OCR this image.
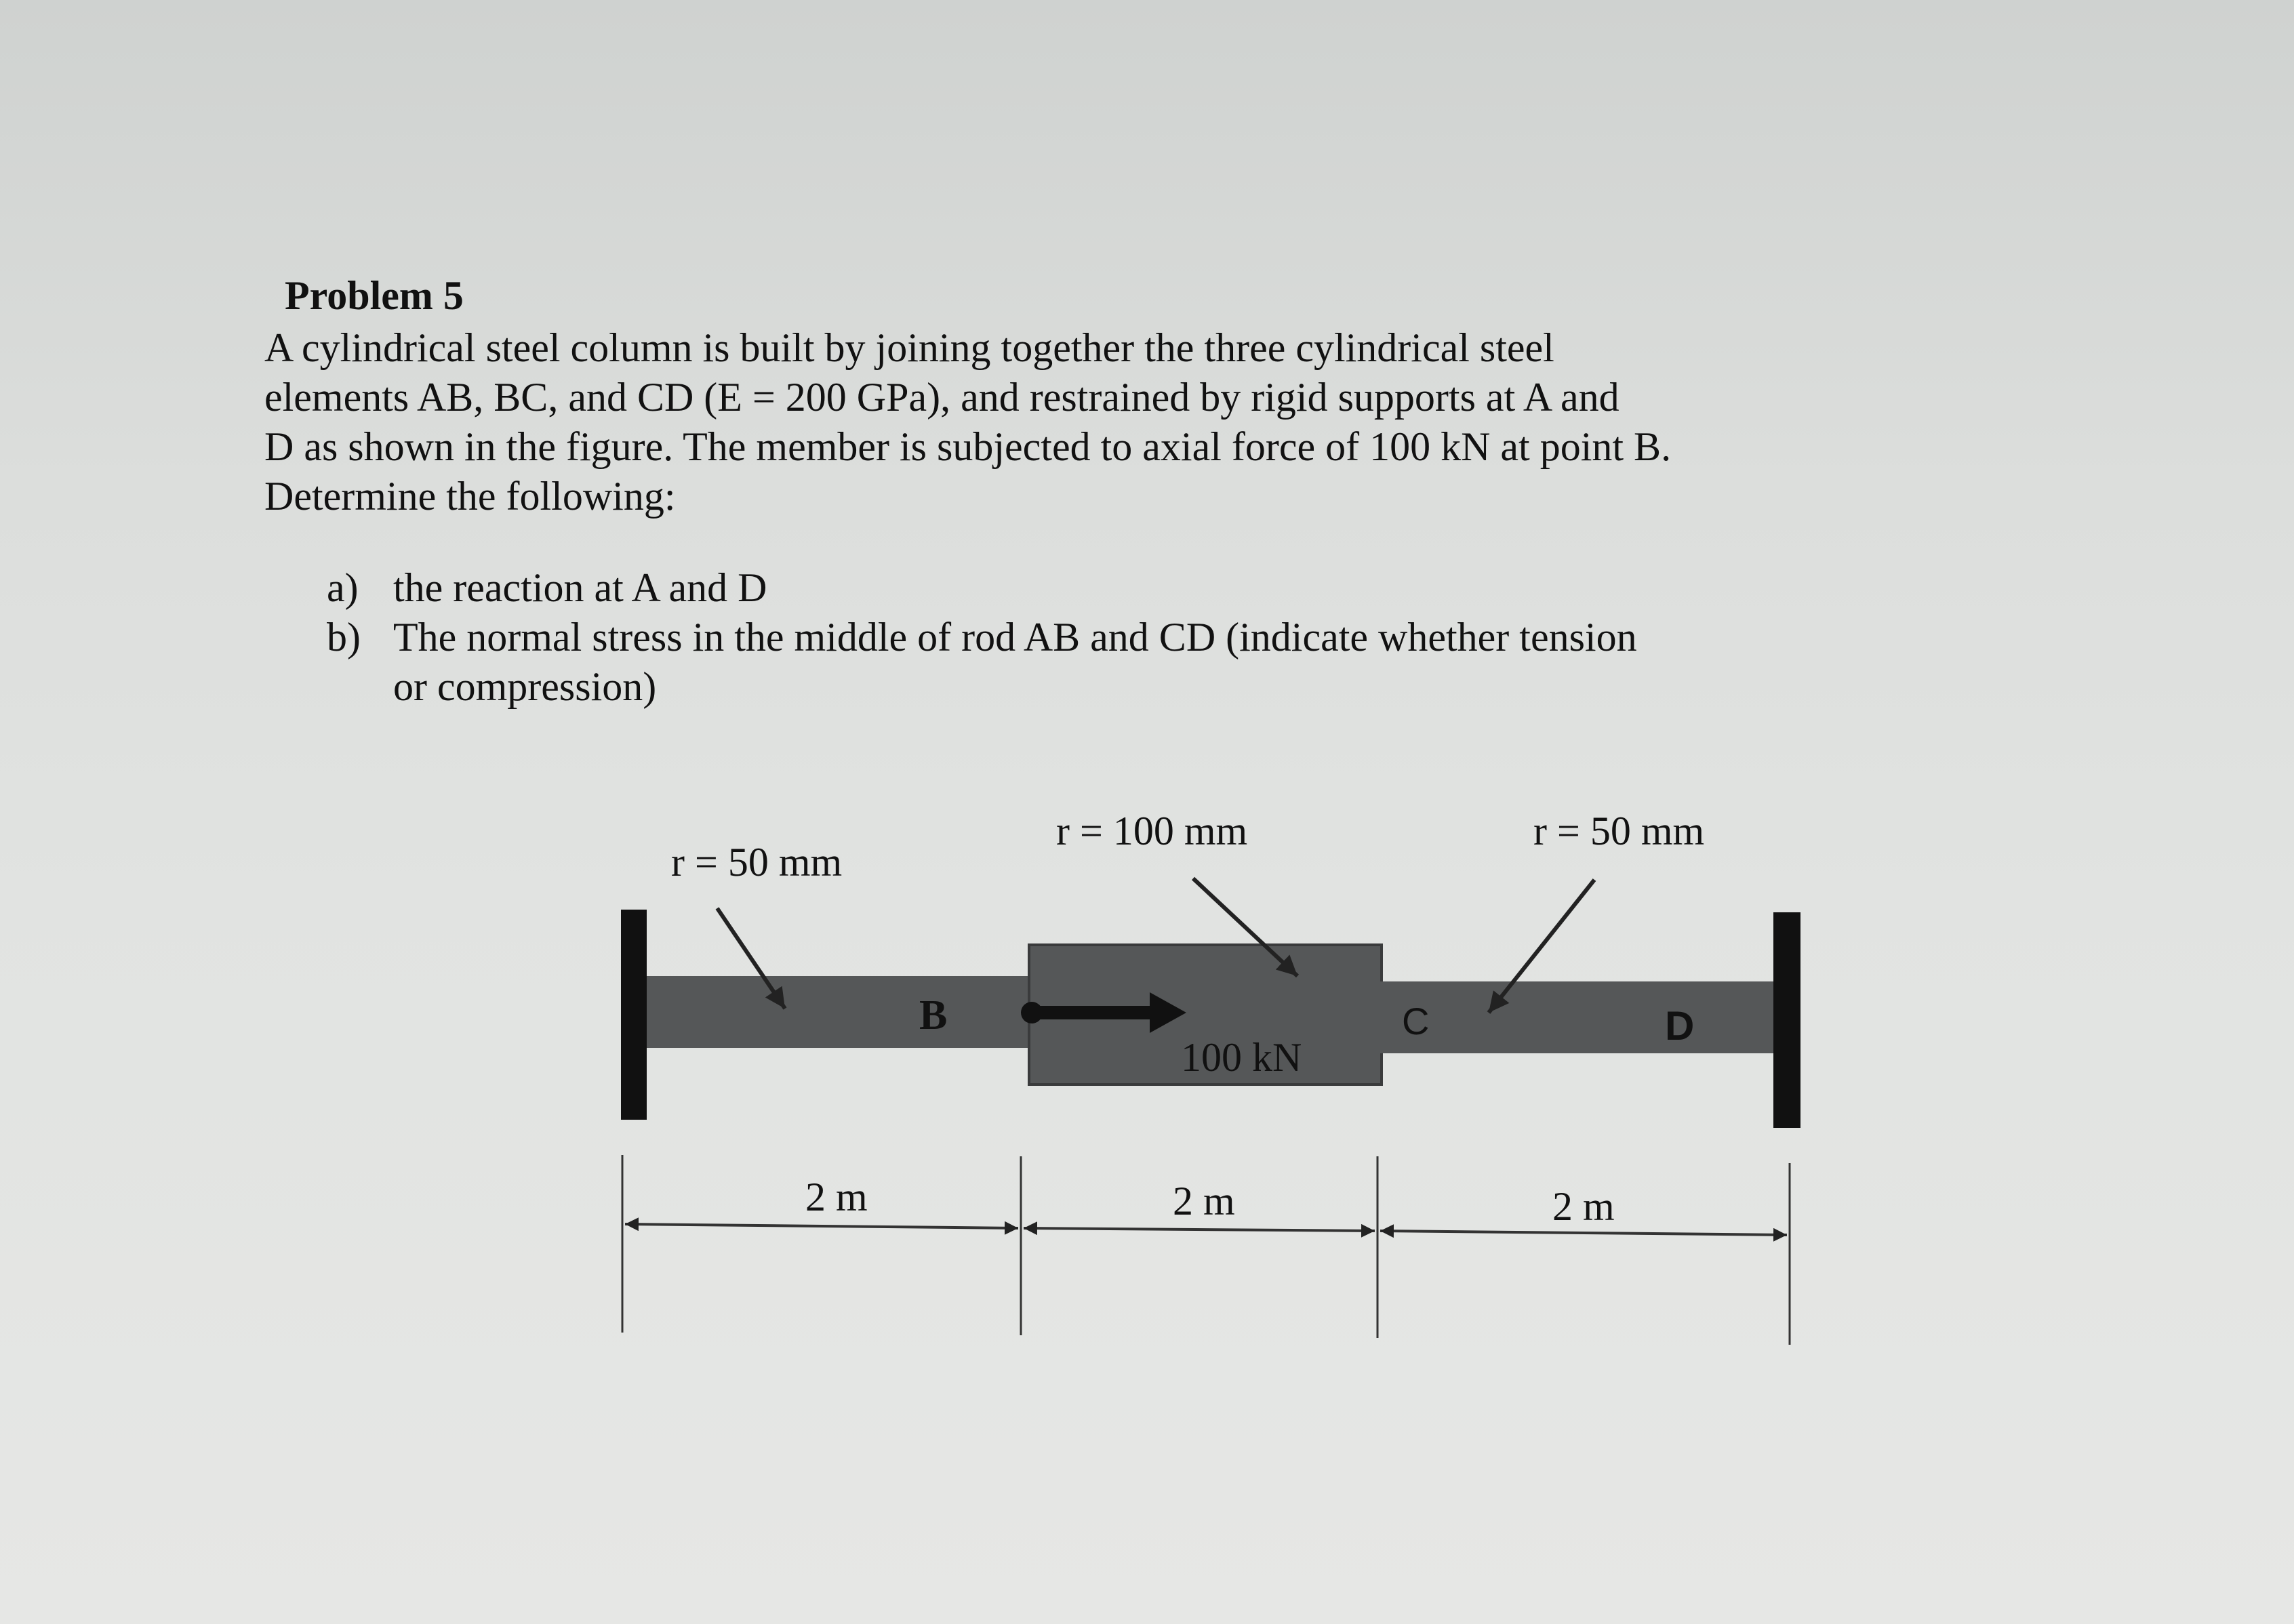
Problem 5

A cylindrical steel column is built by joining together the three cylindrical steel

elements AB, BC, and CD (E = 200 GPa), and restrained by rigid supports at A and

D as shown in the figure. The member is subjected to axial force of 100 kN at point B.

Determine the following:

a) the reaction at A and D
b) The normal stress in the middle of rod AB and CD (indicate whether tension
or compression)
r = 50 mm
r = 100 mm	r = 50 mm
B	C	D
100 kN
2 m	2 m	2 m
